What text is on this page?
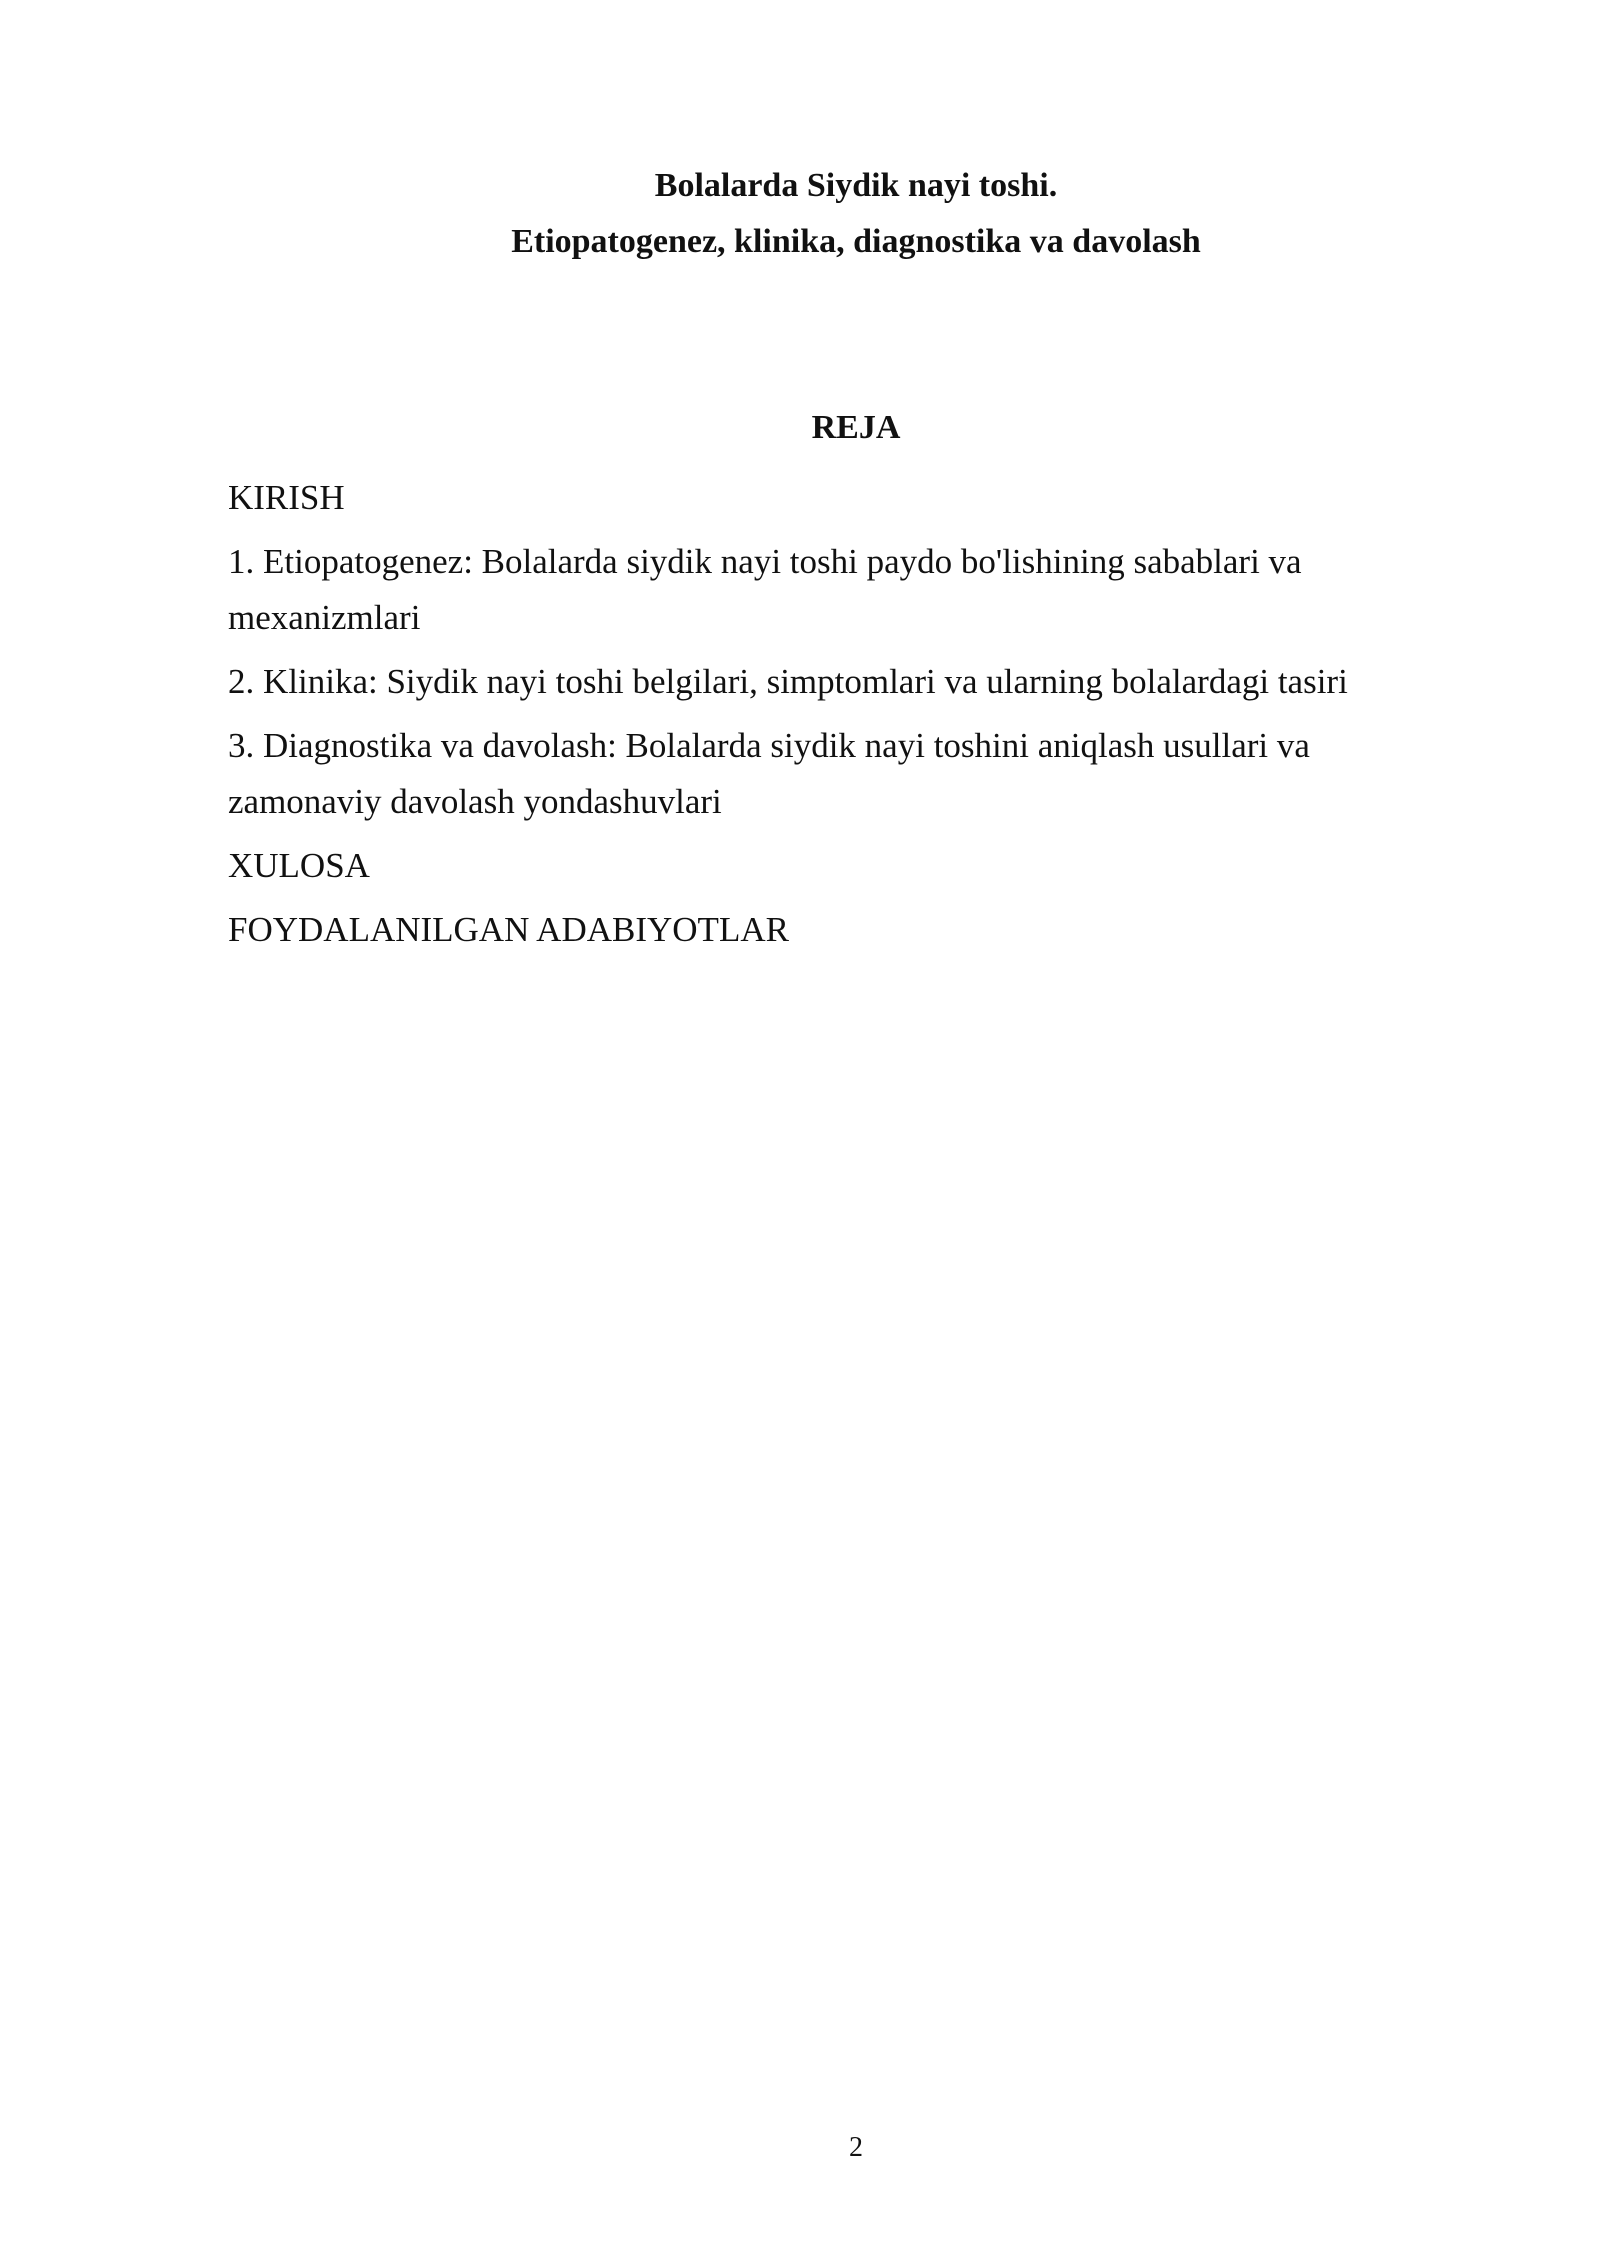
Bolalarda Siydik nayi toshi.
Etiopatogenez, klinika, diagnostika va davolash
REJA
KIRISH
1. Etiopatogenez: Bolalarda siydik nayi toshi paydo bo'lishining sabablari va mexanizmlari
2. Klinika: Siydik nayi toshi belgilari, simptomlari va ularning bolalardagi tasiri
3. Diagnostika va davolash: Bolalarda siydik nayi toshini aniqlash usullari va zamonaviy davolash yondashuvlari
XULOSA
FOYDALANILGAN ADABIYOTLAR
2
